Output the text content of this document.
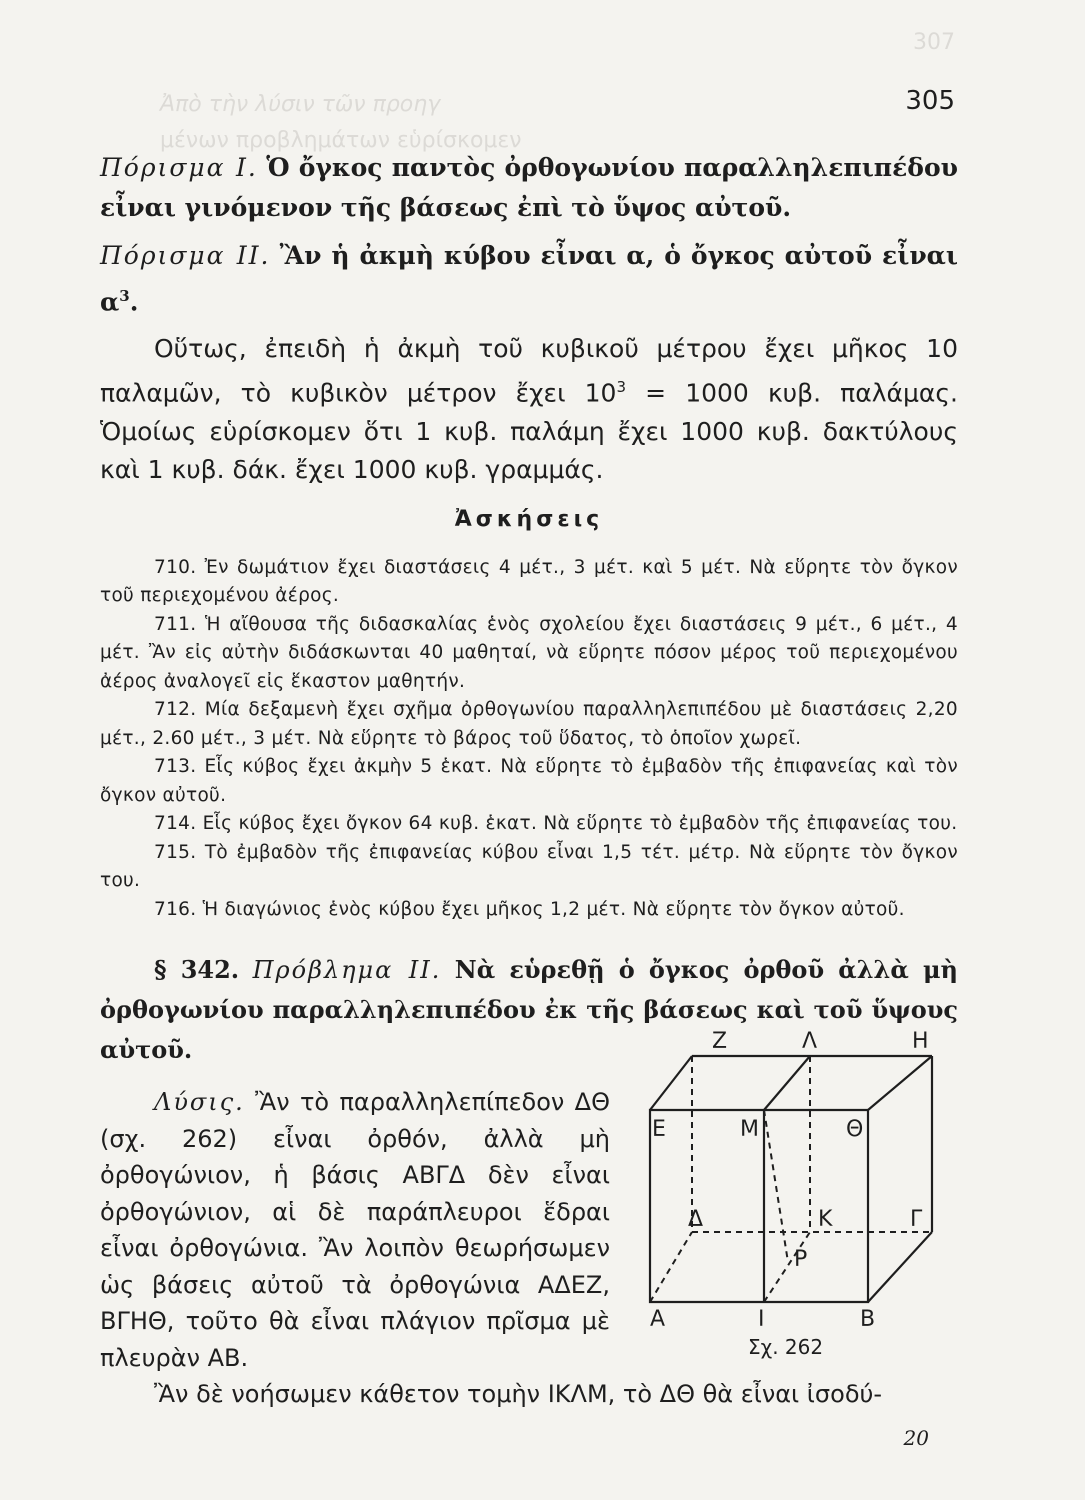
307
Ἀπὸ τὴν λύσιν τῶν προηγ
μένων προβλημάτων εὑρίσκομεν
305

Πόρισμα Ι. Ὁ ὄγκος παντὸς ὀρθογωνίου παραλληλεπιπέδου εἶναι γινόμενον τῆς βάσεως ἐπὶ τὸ ὕψος αὐτοῦ.

Πόρισμα ΙΙ. Ἂν ἡ ἀκμὴ κύβου εἶναι α, ὁ ὄγκος αὐτοῦ εἶναι $\alpha^3$.

Οὕτως, ἐπειδὴ ἡ ἀκμὴ τοῦ κυβικοῦ μέτρου ἔχει μῆκος 10 παλαμῶν, τὸ κυβικὸν μέτρον ἔχει $10^3 = 1000$ κυβ. παλάμας. Ὁμοίως εὑρίσκομεν ὅτι 1 κυβ. παλάμη ἔχει 1000 κυβ. δακτύλους καὶ 1 κυβ. δάκ. ἔχει 1000 κυβ. γραμμάς.

Ἀσκήσεις

710. Ἐν δωμάτιον ἔχει διαστάσεις 4 μέτ., 3 μέτ. καὶ 5 μέτ. Νὰ εὕρητε τὸν ὄγκον τοῦ περιεχομένου ἀέρος.

711. Ἡ αἴθουσα τῆς διδασκαλίας ἑνὸς σχολείου ἔχει διαστάσεις 9 μέτ., 6 μέτ., 4 μέτ. Ἂν εἰς αὐτὴν διδάσκωνται 40 μαθηταί, νὰ εὕρητε πόσον μέρος τοῦ περιεχομένου ἀέρος ἀναλογεῖ εἰς ἕκαστον μαθητήν.

712. Μία δεξαμενὴ ἔχει σχῆμα ὀρθογωνίου παραλληλεπιπέδου μὲ διαστάσεις 2,20 μέτ., 2.60 μέτ., 3 μέτ. Νὰ εὕρητε τὸ βάρος τοῦ ὕδατος, τὸ ὁποῖον χωρεῖ.

713. Εἷς κύβος ἔχει ἀκμὴν 5 ἑκατ. Νὰ εὕρητε τὸ ἐμβαδὸν τῆς ἐπιφανείας καὶ τὸν ὄγκον αὐτοῦ.

714. Εἷς κύβος ἔχει ὄγκον 64 κυβ. ἑκατ. Νὰ εὕρητε τὸ ἐμβαδὸν τῆς ἐπιφανείας του.

715. Τὸ ἐμβαδὸν τῆς ἐπιφανείας κύβου εἶναι 1,5 τέτ. μέτρ. Νὰ εὕρητε τὸν ὄγκον του.

716. Ἡ διαγώνιος ἑνὸς κύβου ἔχει μῆκος 1,2 μέτ. Νὰ εὕρητε τὸν ὄγκον αὐτοῦ.

§ 342. Πρόβλημα ΙΙ. Νὰ εὑρεθῇ ὁ ὄγκος ὀρθοῦ ἀλλὰ μὴ ὀρθογωνίου παραλληλεπιπέδου ἐκ τῆς βάσεως καὶ τοῦ ὕψους αὐτοῦ.

Λύσις. Ἂν τὸ παραλληλεπίπεδον ΔΘ (σχ. 262) εἶναι ὀρθόν, ἀλλὰ μὴ ὀρθογώνιον, ἡ βάσις ΑΒΓΔ δὲν εἶναι ὀρθογώνιον, αἱ δὲ παράπλευροι ἕδραι εἶναι ὀρθογώνια. Ἂν λοιπὸν θεωρήσωμεν ὡς βάσεις αὐτοῦ τὰ ὀρθογώνια ΑΔΕΖ, ΒΓΗΘ, τοῦτο θὰ εἶναι πλάγιον πρῖσμα μὲ πλευρὰν ΑΒ.

Ἂν δὲ νοήσωμεν κάθετον τομὴν ΙΚΛΜ, τὸ ΔΘ θὰ εἶναι ἰσοδύ-

Ζ	Λ	Η
Ε	Μ	Θ
Δ	Κ	Γ
Ρ
Α	Ι	Β
Σχ. 262
20
